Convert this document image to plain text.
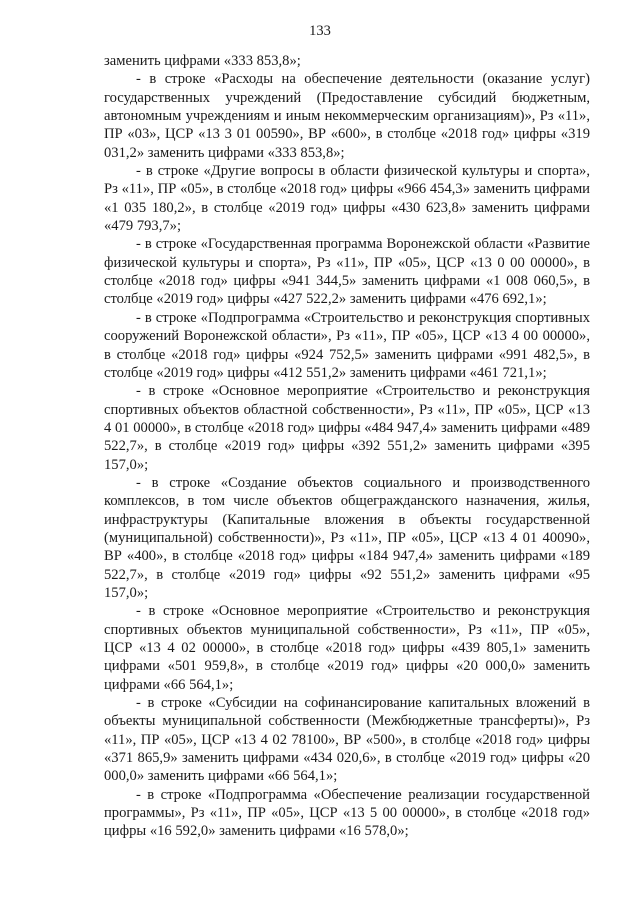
133

заменить цифрами «333 853,8»;

- в строке «Расходы на обеспечение деятельности (оказание услуг) государственных учреждений (Предоставление субсидий бюджетным, автономным учреждениям и иным некоммерческим организациям)», Рз «11», ПР «03», ЦСР «13 3 01 00590», ВР «600», в столбце «2018 год» цифры «319 031,2» заменить цифрами «333 853,8»;

- в строке «Другие вопросы в области физической культуры и спорта», Рз «11», ПР «05», в столбце «2018 год» цифры «966 454,3» заменить цифрами «1 035 180,2», в столбце «2019 год» цифры «430 623,8» заменить цифрами «479 793,7»;

- в строке «Государственная программа Воронежской области «Развитие физической культуры и спорта», Рз «11», ПР «05», ЦСР «13 0 00 00000», в столбце «2018 год» цифры «941 344,5» заменить цифрами «1 008 060,5», в столбце «2019 год» цифры «427 522,2» заменить цифрами «476 692,1»;

- в строке «Подпрограмма «Строительство и реконструкция спортивных сооружений Воронежской области», Рз «11», ПР «05», ЦСР «13 4 00 00000», в столбце «2018 год» цифры «924 752,5» заменить цифрами «991 482,5», в столбце «2019 год» цифры «412 551,2» заменить цифрами «461 721,1»;

- в строке «Основное мероприятие «Строительство и реконструкция спортивных объектов областной собственности», Рз «11», ПР «05», ЦСР «13 4 01 00000», в столбце «2018 год» цифры «484 947,4» заменить цифрами «489 522,7», в столбце «2019 год» цифры «392 551,2» заменить цифрами «395 157,0»;

- в строке «Создание объектов социального и производственного комплексов, в том числе объектов общегражданского назначения, жилья, инфраструктуры (Капитальные вложения в объекты государственной (муниципальной) собственности)», Рз «11», ПР «05», ЦСР «13 4 01 40090», ВР «400», в столбце «2018 год» цифры «184 947,4» заменить цифрами «189 522,7», в столбце «2019 год» цифры «92 551,2» заменить цифрами «95 157,0»;

- в строке «Основное мероприятие «Строительство и реконструкция спортивных объектов муниципальной собственности», Рз «11», ПР «05», ЦСР «13 4 02 00000», в столбце «2018 год» цифры «439 805,1» заменить цифрами «501 959,8», в столбце «2019 год» цифры «20 000,0» заменить цифрами «66 564,1»;

- в строке «Субсидии на софинансирование капитальных вложений в объекты муниципальной собственности (Межбюджетные трансферты)», Рз «11», ПР «05», ЦСР «13 4 02 78100», ВР «500», в столбце «2018 год» цифры «371 865,9» заменить цифрами «434 020,6», в столбце «2019 год» цифры «20 000,0» заменить цифрами «66 564,1»;

- в строке «Подпрограмма «Обеспечение реализации государственной программы», Рз «11», ПР «05», ЦСР «13 5 00 00000», в столбце «2018 год» цифры «16 592,0» заменить цифрами «16 578,0»;
